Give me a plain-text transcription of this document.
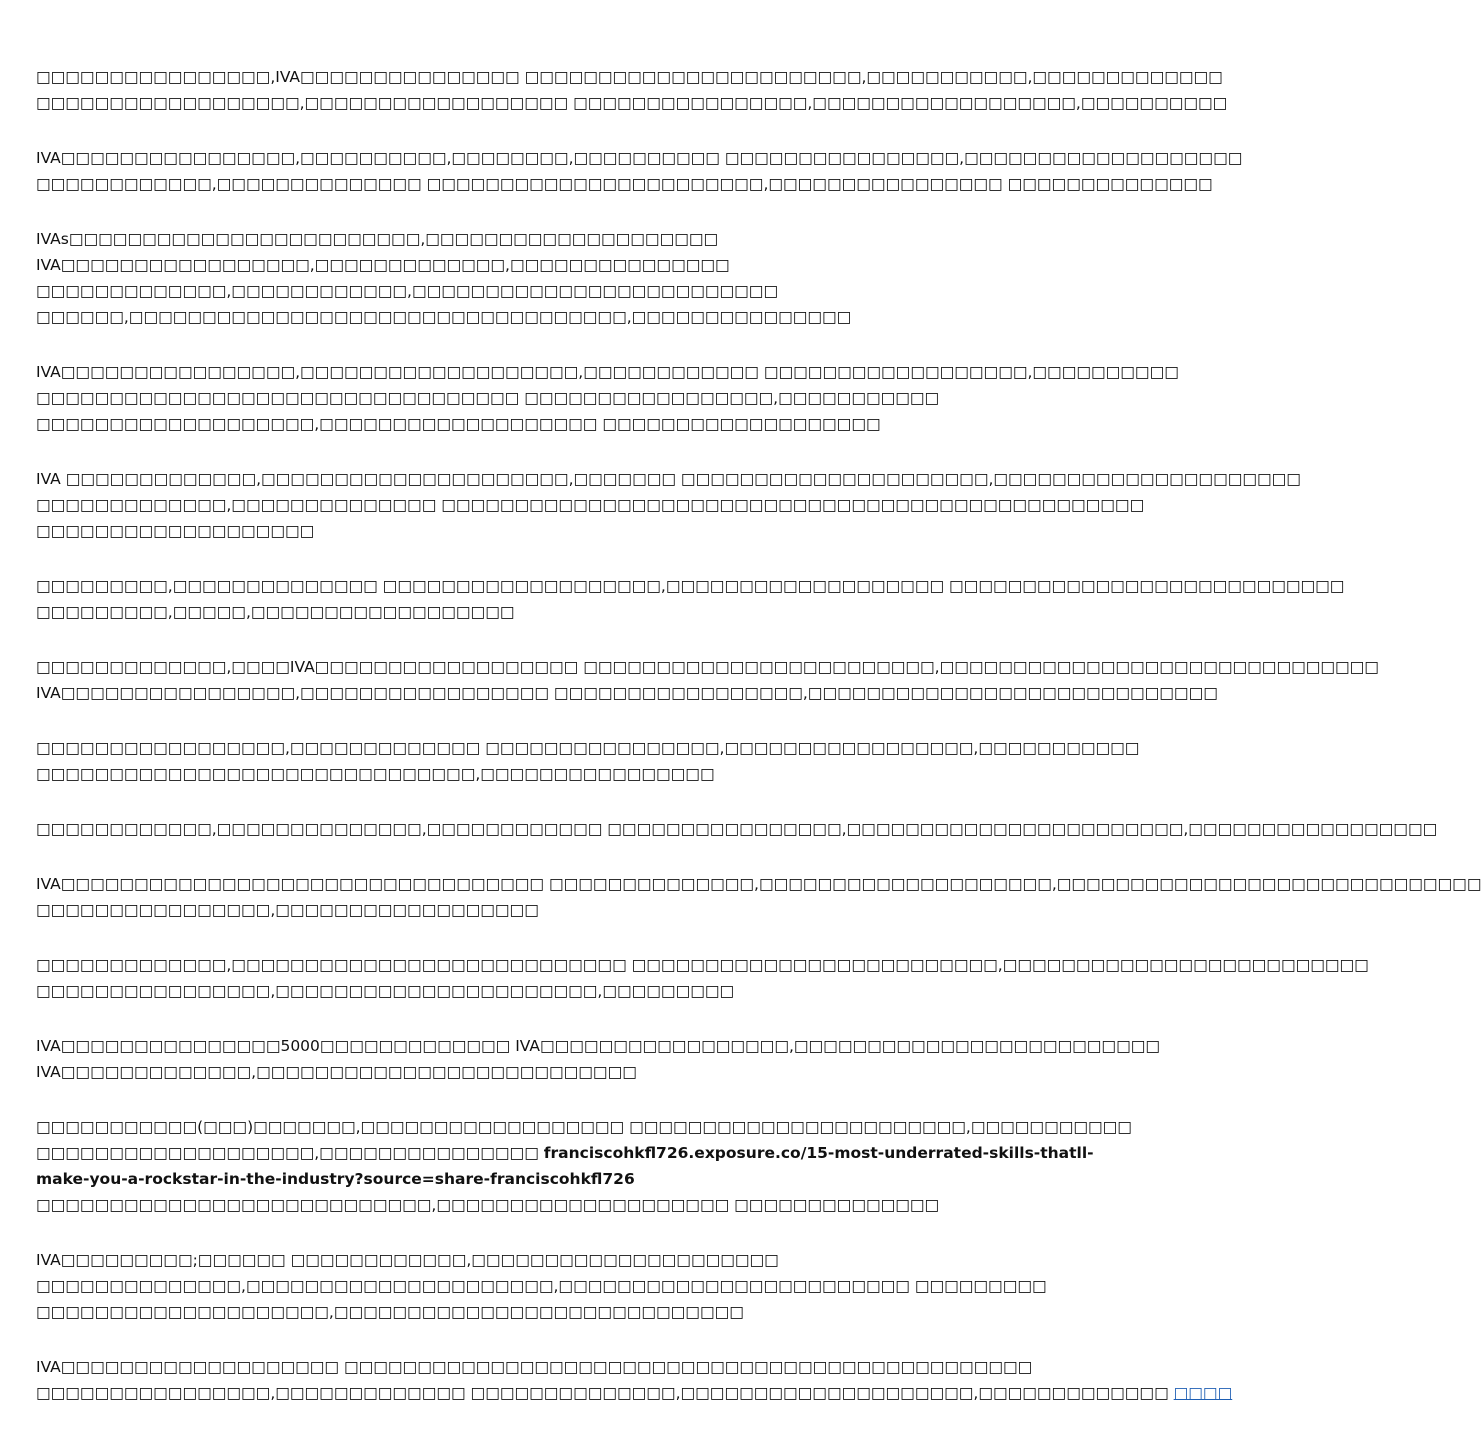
□□□□□□□□□□□□□□□□,IVA□□□□□□□□□□□□□□□ □□□□□□□□□□□□□□□□□□□□□□□,□□□□□□□□□□□,□□□□□□□□□□□□□
□□□□□□□□□□□□□□□□□□,□□□□□□□□□□□□□□□□□□ □□□□□□□□□□□□□□□□,□□□□□□□□□□□□□□□□□□,□□□□□□□□□□
IVA□□□□□□□□□□□□□□□□,□□□□□□□□□□,□□□□□□□□,□□□□□□□□□□ □□□□□□□□□□□□□□□□,□□□□□□□□□□□□□□□□□□□
□□□□□□□□□□□□,□□□□□□□□□□□□□□ □□□□□□□□□□□□□□□□□□□□□□□,□□□□□□□□□□□□□□□□ □□□□□□□□□□□□□□
IVAs□□□□□□□□□□□□□□□□□□□□□□□□,□□□□□□□□□□□□□□□□□□□□
IVA□□□□□□□□□□□□□□□□□,□□□□□□□□□□□□□,□□□□□□□□□□□□□□□
□□□□□□□□□□□□□,□□□□□□□□□□□□,□□□□□□□□□□□□□□□□□□□□□□□□□
□□□□□□,□□□□□□□□□□□□□□□□□□□□□□□□□□□□□□□□□□,□□□□□□□□□□□□□□□
IVA□□□□□□□□□□□□□□□□,□□□□□□□□□□□□□□□□□□□,□□□□□□□□□□□□ □□□□□□□□□□□□□□□□□□,□□□□□□□□□□
□□□□□□□□□□□□□□□□□□□□□□□□□□□□□□□□□ □□□□□□□□□□□□□□□□□,□□□□□□□□□□□
□□□□□□□□□□□□□□□□□□□,□□□□□□□□□□□□□□□□□□□ □□□□□□□□□□□□□□□□□□□
IVA □□□□□□□□□□□□□,□□□□□□□□□□□□□□□□□□□□□,□□□□□□□ □□□□□□□□□□□□□□□□□□□□□,□□□□□□□□□□□□□□□□□□□□□
□□□□□□□□□□□□□,□□□□□□□□□□□□□□ □□□□□□□□□□□□□□□□□□□□□□□□□□□□□□□□□□□□□□□□□□□□□□□□
□□□□□□□□□□□□□□□□□□□
□□□□□□□□□,□□□□□□□□□□□□□□ □□□□□□□□□□□□□□□□□□□,□□□□□□□□□□□□□□□□□□□ □□□□□□□□□□□□□□□□□□□□□□□□□□□
□□□□□□□□□,□□□□□,□□□□□□□□□□□□□□□□□□
□□□□□□□□□□□□□,□□□□IVA□□□□□□□□□□□□□□□□□□ □□□□□□□□□□□□□□□□□□□□□□□□,□□□□□□□□□□□□□□□□□□□□□□□□□□□□□□
IVA□□□□□□□□□□□□□□□□,□□□□□□□□□□□□□□□□□ □□□□□□□□□□□□□□□□□,□□□□□□□□□□□□□□□□□□□□□□□□□□□□
□□□□□□□□□□□□□□□□□,□□□□□□□□□□□□□ □□□□□□□□□□□□□□□□,□□□□□□□□□□□□□□□□□,□□□□□□□□□□□
□□□□□□□□□□□□□□□□□□□□□□□□□□□□□□,□□□□□□□□□□□□□□□□
□□□□□□□□□□□□,□□□□□□□□□□□□□□,□□□□□□□□□□□□ □□□□□□□□□□□□□□□□,□□□□□□□□□□□□□□□□□□□□□□□,□□□□□□□□□□□□□□□□□
IVA□□□□□□□□□□□□□□□□□□□□□□□□□□□□□□□□□ □□□□□□□□□□□□□□,□□□□□□□□□□□□□□□□□□□□,□□□□□□□□□□□□□□□□□□□□□□□□□□□□□
□□□□□□□□□□□□□□□□,□□□□□□□□□□□□□□□□□□
□□□□□□□□□□□□□,□□□□□□□□□□□□□□□□□□□□□□□□□□□ □□□□□□□□□□□□□□□□□□□□□□□□□,□□□□□□□□□□□□□□□□□□□□□□□□□
□□□□□□□□□□□□□□□□,□□□□□□□□□□□□□□□□□□□□□□,□□□□□□□□□
IVA□□□□□□□□□□□□□□□5000□□□□□□□□□□□□□ IVA□□□□□□□□□□□□□□□□□,□□□□□□□□□□□□□□□□□□□□□□□□□
IVA□□□□□□□□□□□□□,□□□□□□□□□□□□□□□□□□□□□□□□□□
□□□□□□□□□□□(□□□)□□□□□□□,□□□□□□□□□□□□□□□□□□ □□□□□□□□□□□□□□□□□□□□□□□,□□□□□□□□□□□
□□□□□□□□□□□□□□□□□□□,□□□□□□□□□□□□□□□ franciscohkfl726.exposure.co/15-most-underrated-skills-thatll-
make-you-a-rockstar-in-the-industry?source=share-franciscohkfl726
□□□□□□□□□□□□□□□□□□□□□□□□□□□,□□□□□□□□□□□□□□□□□□□□ □□□□□□□□□□□□□□
IVA□□□□□□□□□;□□□□□□ □□□□□□□□□□□□,□□□□□□□□□□□□□□□□□□□□□
□□□□□□□□□□□□□□,□□□□□□□□□□□□□□□□□□□□□,□□□□□□□□□□□□□□□□□□□□□□□□ □□□□□□□□□
□□□□□□□□□□□□□□□□□□□□,□□□□□□□□□□□□□□□□□□□□□□□□□□□□
IVA□□□□□□□□□□□□□□□□□□□ □□□□□□□□□□□□□□□□□□□□□□□□□□□□□□□□□□□□□□□□□□□□□□□
□□□□□□□□□□□□□□□□,□□□□□□□□□□□□□ □□□□□□□□□□□□□□,□□□□□□□□□□□□□□□□□□□□,□□□□□□□□□□□□□ □□□□
